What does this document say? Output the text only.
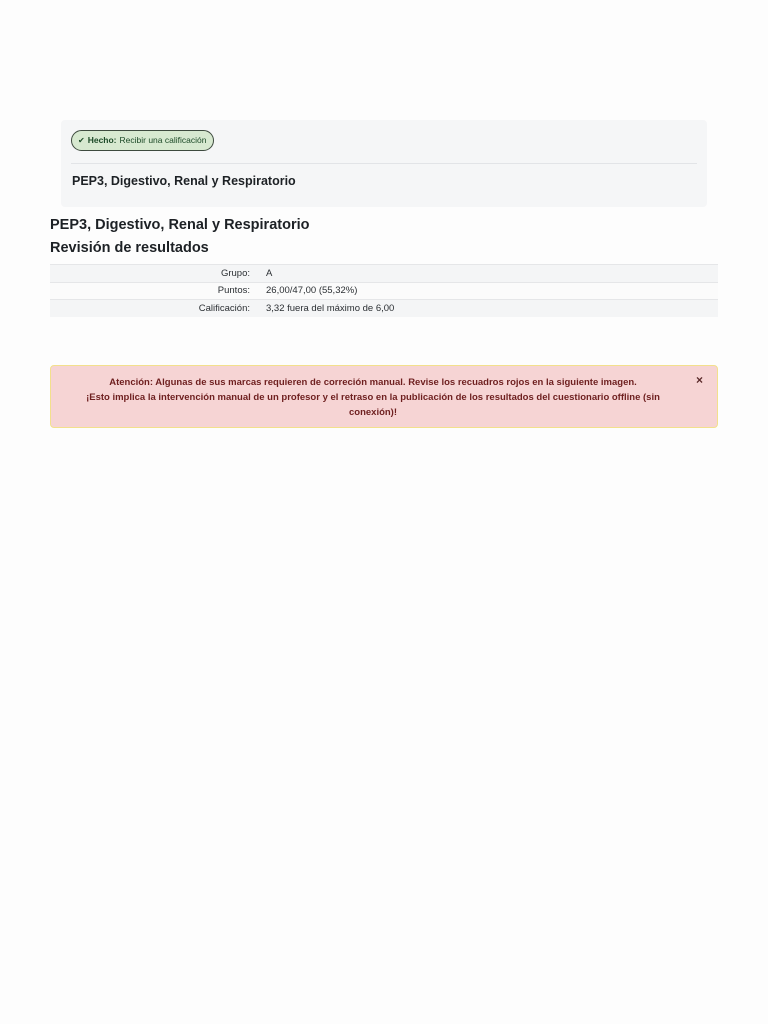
✔ Hecho: Recibir una calificación
PEP3, Digestivo, Renal y Respiratorio
PEP3, Digestivo, Renal y Respiratorio
Revisión de resultados
Grupo:	A
Puntos:	26,00/47,00 (55,32%)
Calificación:	3,32 fuera del máximo de 6,00
Atención: Algunas de sus marcas requieren de correción manual. Revise los recuadros rojos en la siguiente imagen.
¡Esto implica la intervención manual de un profesor y el retraso en la publicación de los resultados del cuestionario offline (sin conexión)!
×
